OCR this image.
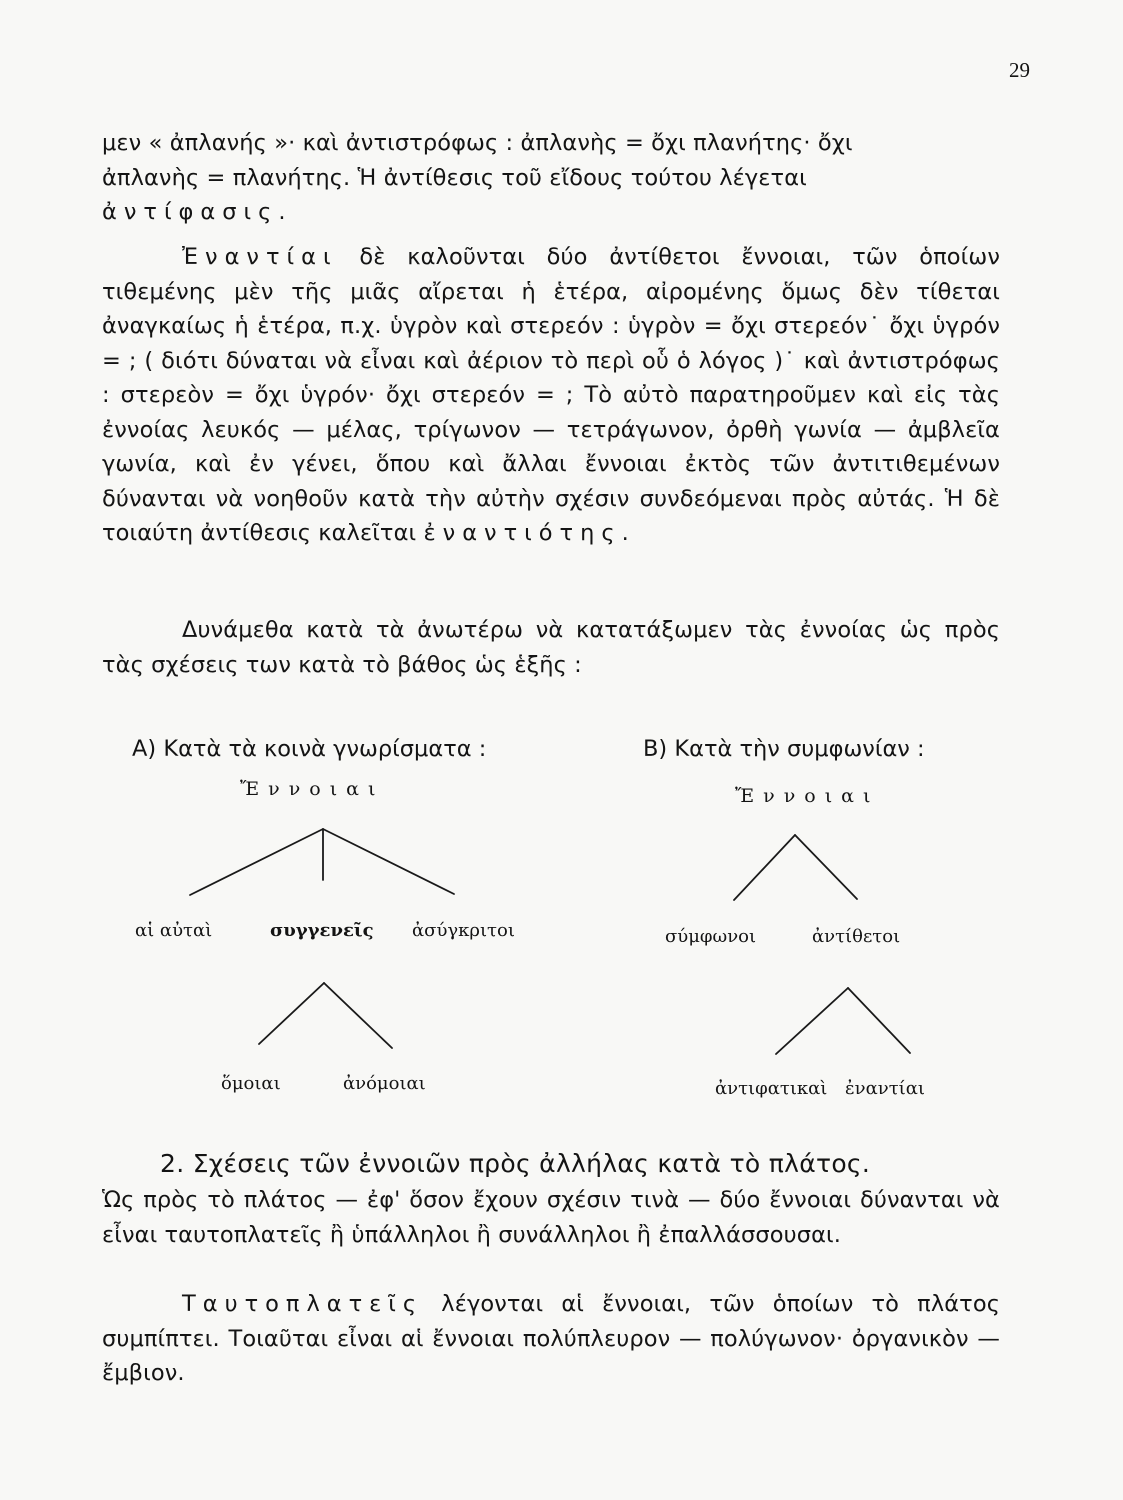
29

μεν « ἀπλανής »· καὶ ἀντιστρόφως : ἀπλανὴς = ὄχι πλανήτης· ὄχι
ἀπλανὴς = πλανήτης. Ἡ ἀντίθεσις τοῦ εἴδους τούτου λέγεται
ἀντίφασις.

Ἐναντίαι δὲ καλοῦνται δύο ἀντίθετοι ἔννοιαι, τῶν ὁποίων τιθεμένης μὲν τῆς μιᾶς αἴρεται ἡ ἑτέρα, αἰρομένης ὅμως δὲν τίθεται ἀναγκαίως ἡ ἑτέρα, π.χ. ὑγρὸν καὶ στερεόν : ὑγρὸν = ὄχι στερεόν˙ ὄχι ὑγρόν = ; ( διότι δύναται νὰ εἶναι καὶ ἀέριον τὸ περὶ οὗ ὁ λόγος )˙ καὶ ἀντιστρόφως : στερεὸν = ὄχι ὑγρόν· ὄχι στερεόν = ; Τὸ αὐτὸ παρατηροῦμεν καὶ εἰς τὰς ἐννοίας λευκός — μέλας, τρίγωνον — τετράγωνον, ὀρθὴ γωνία — ἀμβλεῖα γωνία, καὶ ἐν γένει, ὅπου καὶ ἄλλαι ἔννοιαι ἐκτὸς τῶν ἀντιτιθεμένων δύνανται νὰ νοηθοῦν κατὰ τὴν αὐτὴν σχέσιν συνδεόμεναι πρὸς αὐτάς. Ἡ δὲ τοιαύτη ἀντίθεσις καλεῖται ἐναντιότης.

Δυνάμεθα κατὰ τὰ ἀνωτέρω νὰ κατατάξωμεν τὰς ἐννοίας ὡς πρὸς τὰς σχέσεις των κατὰ τὸ βάθος ὡς ἑξῆς :

Α) Κατὰ τὰ κοινὰ γνωρίσματα :
Ἔννοιαι
αἱ αὐταὶ	συγγενεῖς ἀσύγκριτοι
ὅμοιαι	ἀνόμοιαι
Β) Κατὰ τὴν συμφωνίαν :
Ἔννοιαι
σύμφωνοι	ἀντίθετοι
ἀντιφατικαὶ ἐναντίαι
2. Σχέσεις τῶν ἐννοιῶν πρὸς ἀλλήλας κατὰ τὸ πλάτος.

Ὡς πρὸς τὸ πλάτος — ἐφ' ὅσον ἔχουν σχέσιν τινὰ — δύο ἔννοιαι δύνανται νὰ εἶναι ταυτοπλατεῖς ἢ ὑπάλληλοι ἢ συνάλληλοι ἢ ἐπαλλάσσουσαι.

Ταυτοπλατεῖς λέγονται αἱ ἔννοιαι, τῶν ὁποίων τὸ πλάτος συμπίπτει. Τοιαῦται εἶναι αἱ ἔννοιαι πολύπλευρον — πολύγωνον· ὀργανικὸν — ἔμβιον.
